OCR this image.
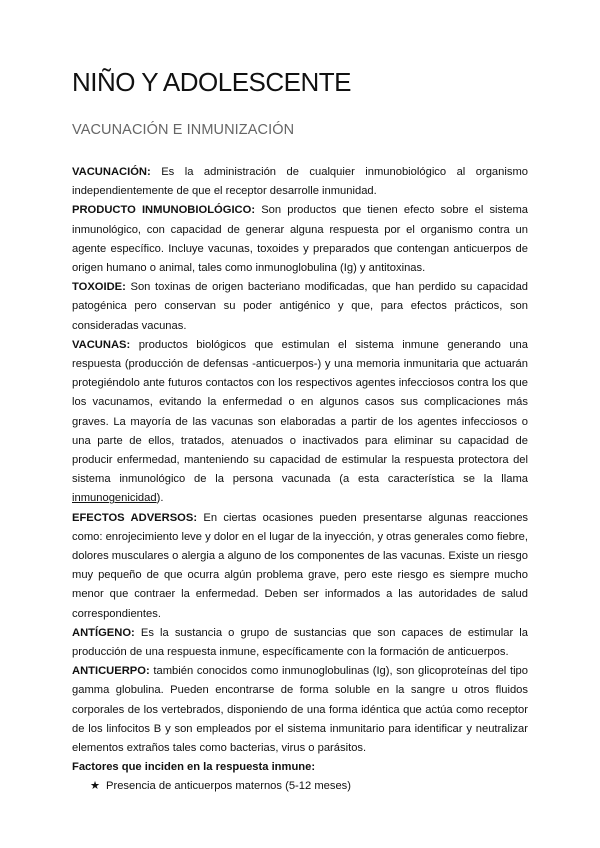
NIÑO Y ADOLESCENTE
VACUNACIÓN E INMUNIZACIÓN

VACUNACIÓN: Es la administración de cualquier inmunobiológico al organismo independientemente de que el receptor desarrolle inmunidad.

PRODUCTO INMUNOBIOLÓGICO: Son productos que tienen efecto sobre el sistema inmunológico, con capacidad de generar alguna respuesta por el organismo contra un agente específico. Incluye vacunas, toxoides y preparados que contengan anticuerpos de origen humano o animal, tales como inmunoglobulina (Ig) y antitoxinas.

TOXOIDE: Son toxinas de origen bacteriano modificadas, que han perdido su capacidad patogénica pero conservan su poder antigénico y que, para efectos prácticos, son consideradas vacunas.

VACUNAS: productos biológicos que estimulan el sistema inmune generando una respuesta (producción de defensas -anticuerpos-) y una memoria inmunitaria que actuarán protegiéndolo ante futuros contactos con los respectivos agentes infecciosos contra los que los vacunamos, evitando la enfermedad o en algunos casos sus complicaciones más graves. La mayoría de las vacunas son elaboradas a partir de los agentes infecciosos o una parte de ellos, tratados, atenuados o inactivados para eliminar su capacidad de producir enfermedad, manteniendo su capacidad de estimular la respuesta protectora del sistema inmunológico de la persona vacunada (a esta característica se la llama inmunogenicidad).

EFECTOS ADVERSOS: En ciertas ocasiones pueden presentarse algunas reacciones como: enrojecimiento leve y dolor en el lugar de la inyección, y otras generales como fiebre, dolores musculares o alergia a alguno de los componentes de las vacunas. Existe un riesgo muy pequeño de que ocurra algún problema grave, pero este riesgo es siempre mucho menor que contraer la enfermedad. Deben ser informados a las autoridades de salud correspondientes.

ANTÍGENO: Es la sustancia o grupo de sustancias que son capaces de estimular la producción de una respuesta inmune, específicamente con la formación de anticuerpos.

ANTICUERPO: también conocidos como inmunoglobulinas (Ig), son glicoproteínas del tipo gamma globulina. Pueden encontrarse de forma soluble en la sangre u otros fluidos corporales de los vertebrados, disponiendo de una forma idéntica que actúa como receptor de los linfocitos B y son empleados por el sistema inmunitario para identificar y neutralizar elementos extraños tales como bacterias, virus o parásitos.

Factores que inciden en la respuesta inmune:

★ Presencia de anticuerpos maternos (5-12 meses)
